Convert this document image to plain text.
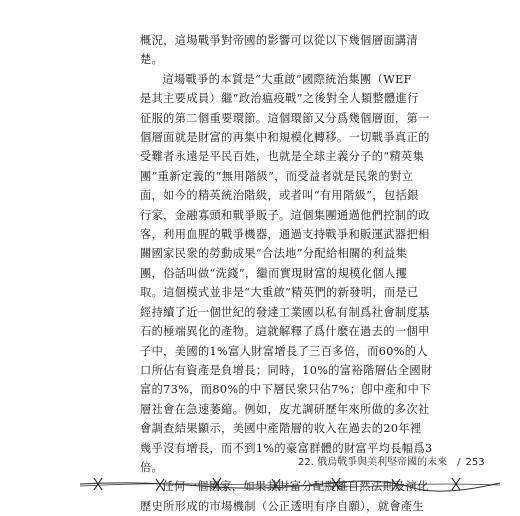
概況，這場戰爭對帝國的影響可以從以下幾個層面講清
楚。

這場戰爭的本質是“大重啟”國際統治集團（WEF
是其主要成員）繼“政治瘟疫戰”之後對全人類整體進行
征服的第二個重要環節。這個環節又分爲幾個層面，第一
個層面就是財富的再集中和規模化轉移。一切戰爭真正的
受難者永遠是平民百姓，也就是全球主義分子的“精英集
團”重新定義的“無用階級”，而受益者就是民衆的對立
面，如今的精英統治階級，或者叫“有用階級”，包括銀
行家，金融寡頭和戰爭販子。這個集團通過他們控制的政
客，利用血腥的戰爭機器，通過支持戰爭和販運武器把相
關國家民衆的勞動成果“合法地”分配給相關的利益集
團，俗話叫做“洗錢”，繼而實現財富的規模化個人攫
取。這個模式並非是“大重啟”精英們的新發明，而是已
經持續了近一個世紀的發達工業國以私有制爲社會制度基
石的極端異化的產物。這就解釋了爲什麼在過去的一個甲
子中，美國的1%富人財富增長了三百多倍，而60%的人
口所佔有資產是負增長；同時，10%的富裕階層佔全國財
富的73%，而80%的中下層民衆只佔7%；卽中產和中下
層社會在急速萎縮。例如，皮尤調研歷年來所做的多次社
會調查結果顯示，美國中產階層的收入在過去的20年裡
幾乎沒有增長，而不到1%的豪富群體的財富平均長幅爲3
倍。

任何一個國家，如果其財富分配脫離自然法則及演化
歷史所形成的市場機制（公正透明有序自願），就會產生

22. 俄烏戰爭與美利堅帝國的未來 / 253
